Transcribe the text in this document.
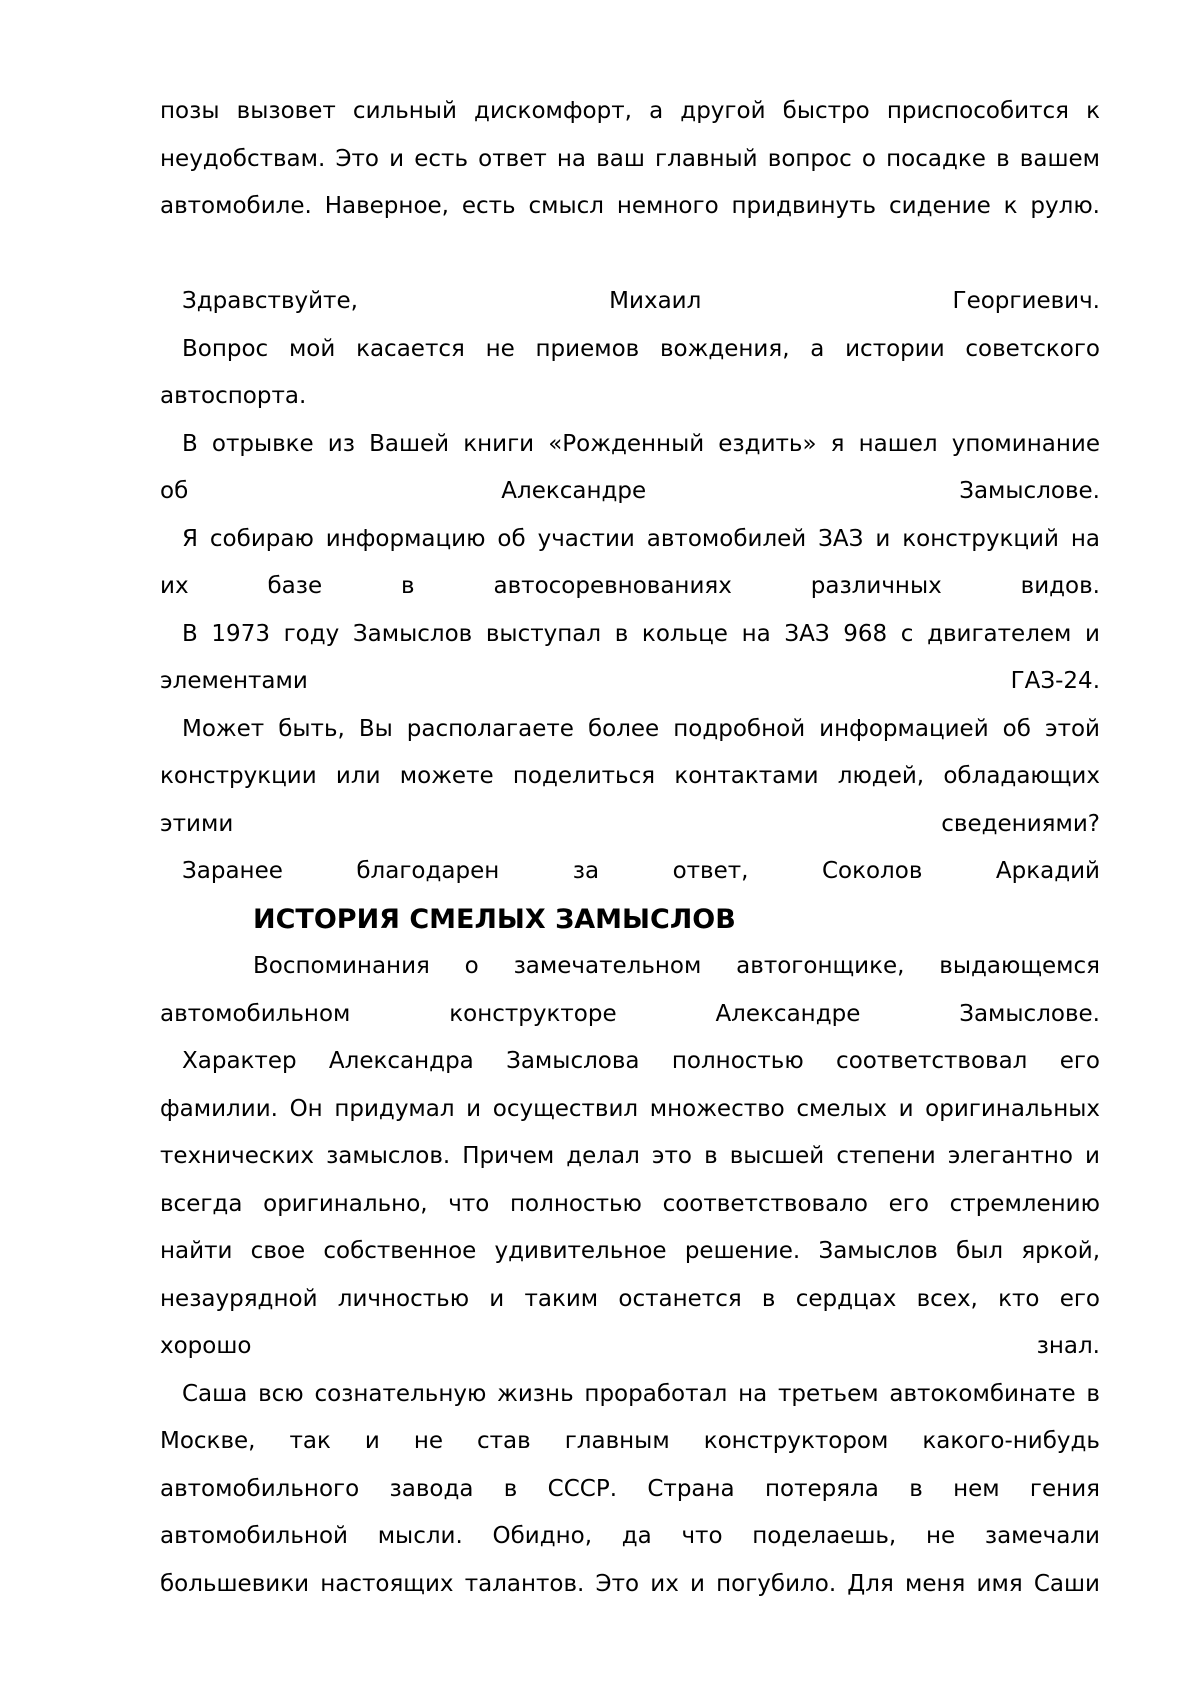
позы вызовет сильный дискомфорт, а другой быстро приспособится к
неудобствам. Это и есть ответ на ваш главный вопрос о посадке в вашем
автомобиле. Наверное, есть смысл немного придвинуть сидение к рулю.
Здравствуйте, Михаил Георгиевич.
Вопрос мой касается не приемов вождения, а истории советского
автоспорта.
В отрывке из Вашей книги «Рожденный ездить» я нашел упоминание
об Александре Замыслове.
Я собираю информацию об участии автомобилей ЗАЗ и конструкций на
их базе в автосоревнованиях различных видов.
В 1973 году Замыслов выступал в кольце на ЗАЗ 968 с двигателем и
элементами ГАЗ-24.
Может быть, Вы располагаете более подробной информацией об этой
конструкции или можете поделиться контактами людей, обладающих
этими сведениями?
Заранее благодарен за ответ, Соколов Аркадий
ИСТОРИЯ СМЕЛЫХ ЗАМЫСЛОВ
Воспоминания о замечательном автогонщике, выдающемся
автомобильном конструкторе Александре Замыслове.
Характер Александра Замыслова полностью соответствовал его
фамилии. Он придумал и осуществил множество смелых и оригинальных
технических замыслов. Причем делал это в высшей степени элегантно и
всегда оригинально, что полностью соответствовало его стремлению
найти свое собственное удивительное решение. Замыслов был яркой,
незаурядной личностью и таким останется в сердцах всех, кто его
хорошо знал.
Саша всю сознательную жизнь проработал на третьем автокомбинате в
Москве, так и не став главным конструктором какого-нибудь
автомобильного завода в СССР. Страна потеряла в нем гения
автомобильной мысли. Обидно, да что поделаешь, не замечали
большевики настоящих талантов. Это их и погубило. Для меня имя Саши
